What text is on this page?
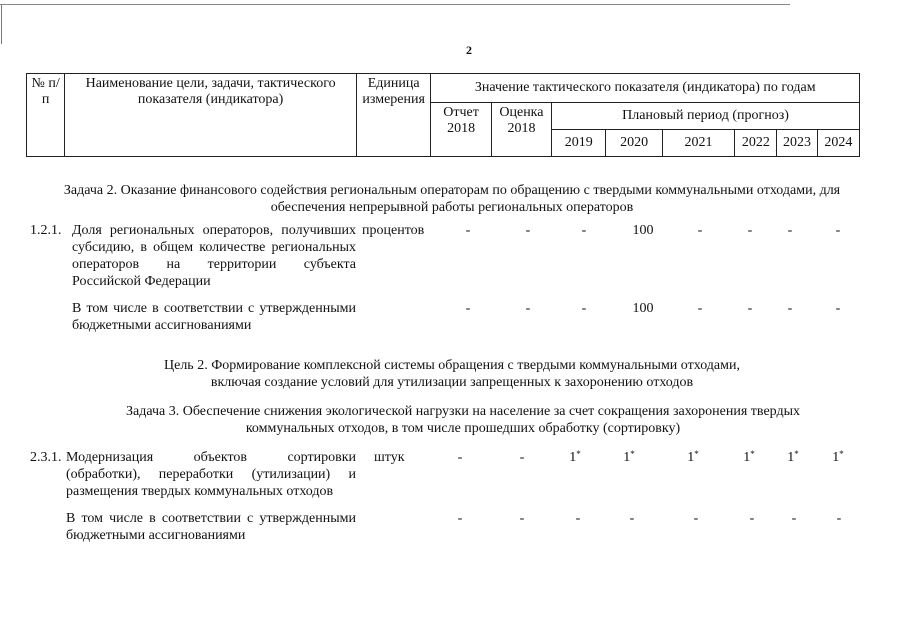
2
№ п/п	Наименование цели, задачи, тактического показателя (индикатора)	Единица измерения	Значение тактического показателя (индикатора) по годам							
			Отчет 2018	Оценка 2018	Плановый период (прогноз)					
					2019	2020	2021	2022	2023	2024
Задача 2. Оказание финансового содействия региональным операторам по обращению с твердыми коммунальными отходами, для обеспечения непрерывной работы региональных операторов
1.2.1. Доля региональных операторов, получивших субсидию, в общем количестве региональных операторов на территории субъекта Российской Федерации
процентов	-	-	-	100	-	-	-	-
В том числе в соответствии с утвержденными бюджетными ассигнованиями
-	-	-	100	-	-	-	-
Цель 2. Формирование комплексной системы обращения с твердыми коммунальными отходами, включая создание условий для утилизации запрещенных к захоронению отходов
Задача 3. Обеспечение снижения экологической нагрузки на население за счет сокращения захоронения твердых коммунальных отходов, в том числе прошедших обработку (сортировку)
2.3.1. Модернизация объектов сортировки (обработки), переработки (утилизации) и размещения твердых коммунальных отходов
штук	-	-	1*	1*	1*	1* 1* 1*
В том числе в соответствии с утвержденными бюджетными ассигнованиями
-	-	-	-	-	-	-	-
